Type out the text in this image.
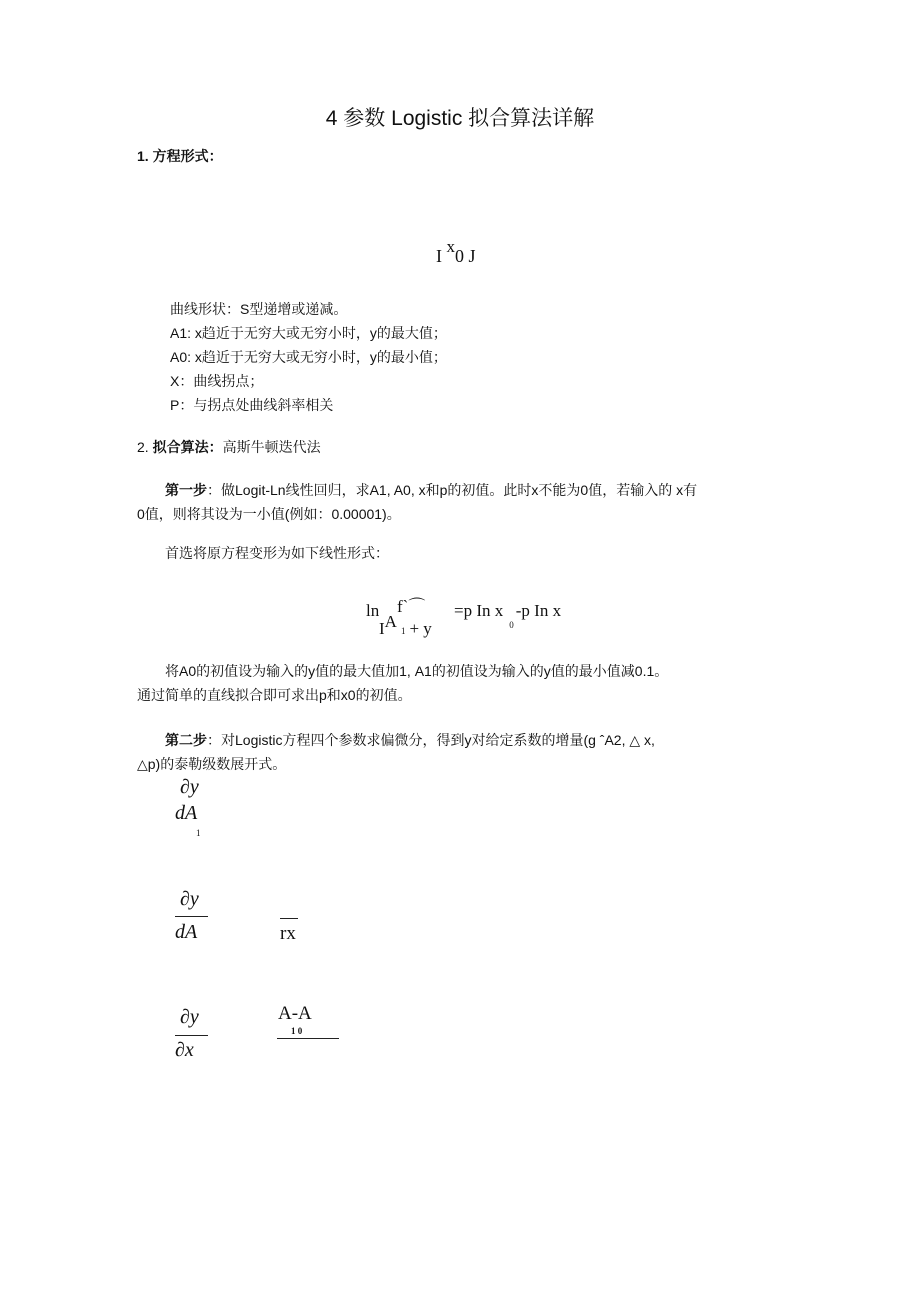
4 参数 Logistic 拟合算法详解
1. 方程形式：
I x0 J
曲线形状：S型递增或递减。
A1: x趋近于无穷大或无穷小时，y的最大值；
A0: x趋近于无穷大或无穷小时，y的最小值；
X：曲线拐点；
P：与拐点处曲线斜率相关
2. 拟合算法：高斯牛顿迭代法
第一步：做Logit-Ln线性回归，求A1, A0, x和p的初值。此时x不能为0值，若输入的 x有
0值，则将其设为一小值(例如：0.00001)。
首选将原方程变形为如下线性形式：
ln f`⌒
IA 1 + y
=p In $x_0-p$ In x
将A0的初值设为输入的y值的最大值加1, A1的初值设为输入的y值的最小值减0.1。
通过简单的直线拟合即可求出p和x0的初值。
第二步：对Logistic方程四个参数求偏微分，得到y对给定系数的增量(g ˆA2, △ x,
△p)的泰勒级数展开式。
∂y
dA
1
∂y
dA	rx
∂y
∂x
A-A
1 0
